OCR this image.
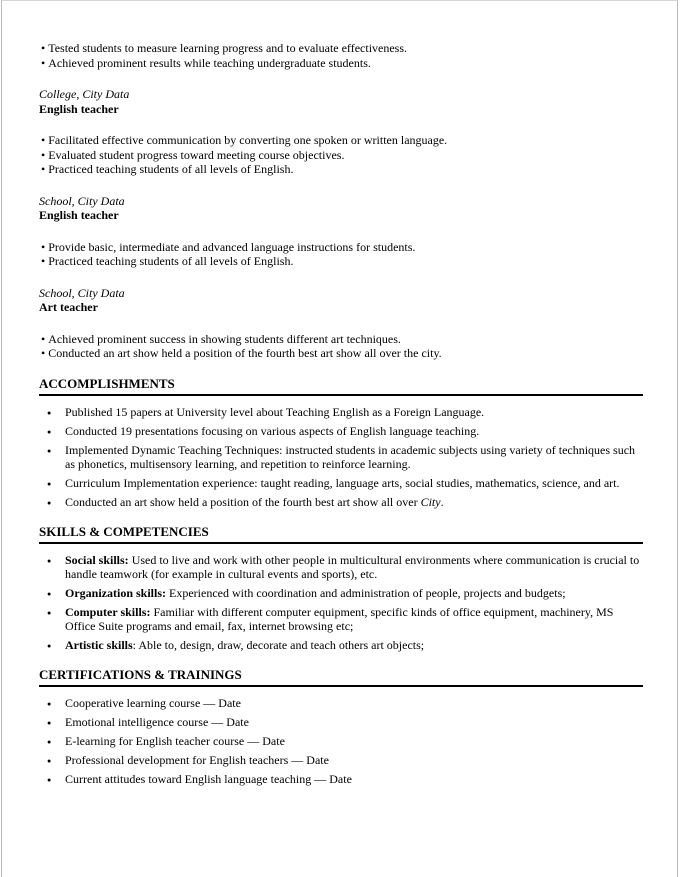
• Tested students to measure learning progress and to evaluate effectiveness.
• Achieved prominent results while teaching undergraduate students.

College, City Data

English teacher

• Facilitated effective communication by converting one spoken or written language.
• Evaluated student progress toward meeting course objectives.
• Practiced teaching students of all levels of English.

School, City Data

English teacher

• Provide basic, intermediate and advanced language instructions for students.
• Practiced teaching students of all levels of English.

School, City Data

Art teacher

• Achieved prominent success in showing students different art techniques.
• Conducted an art show held a position of the fourth best art show all over the city.
ACCOMPLISHMENTS
● Published 15 papers at University level about Teaching English as a Foreign Language.
● Conducted 19 presentations focusing on various aspects of English language teaching.
● Implemented Dynamic Teaching Techniques: instructed students in academic subjects using variety of techniques such as phonetics, multisensory learning, and repetition to reinforce learning.
● Curriculum Implementation experience: taught reading, language arts, social studies, mathematics, science, and art.
● Conducted an art show held a position of the fourth best art show all over City.
SKILLS & COMPETENCIES
● Social skills: Used to live and work with other people in multicultural environments where communication is crucial to handle teamwork (for example in cultural events and sports), etc.
● Organization skills: Experienced with coordination and administration of people, projects and budgets;
● Computer skills: Familiar with different computer equipment, specific kinds of office equipment, machinery, MS Office Suite programs and email, fax, internet browsing etc;
● Artistic skills: Able to, design, draw, decorate and teach others art objects;
CERTIFICATIONS & TRAININGS
● Cooperative learning course — Date
● Emotional intelligence course — Date
● E-learning for English teacher course — Date
● Professional development for English teachers — Date
● Current attitudes toward English language teaching — Date
